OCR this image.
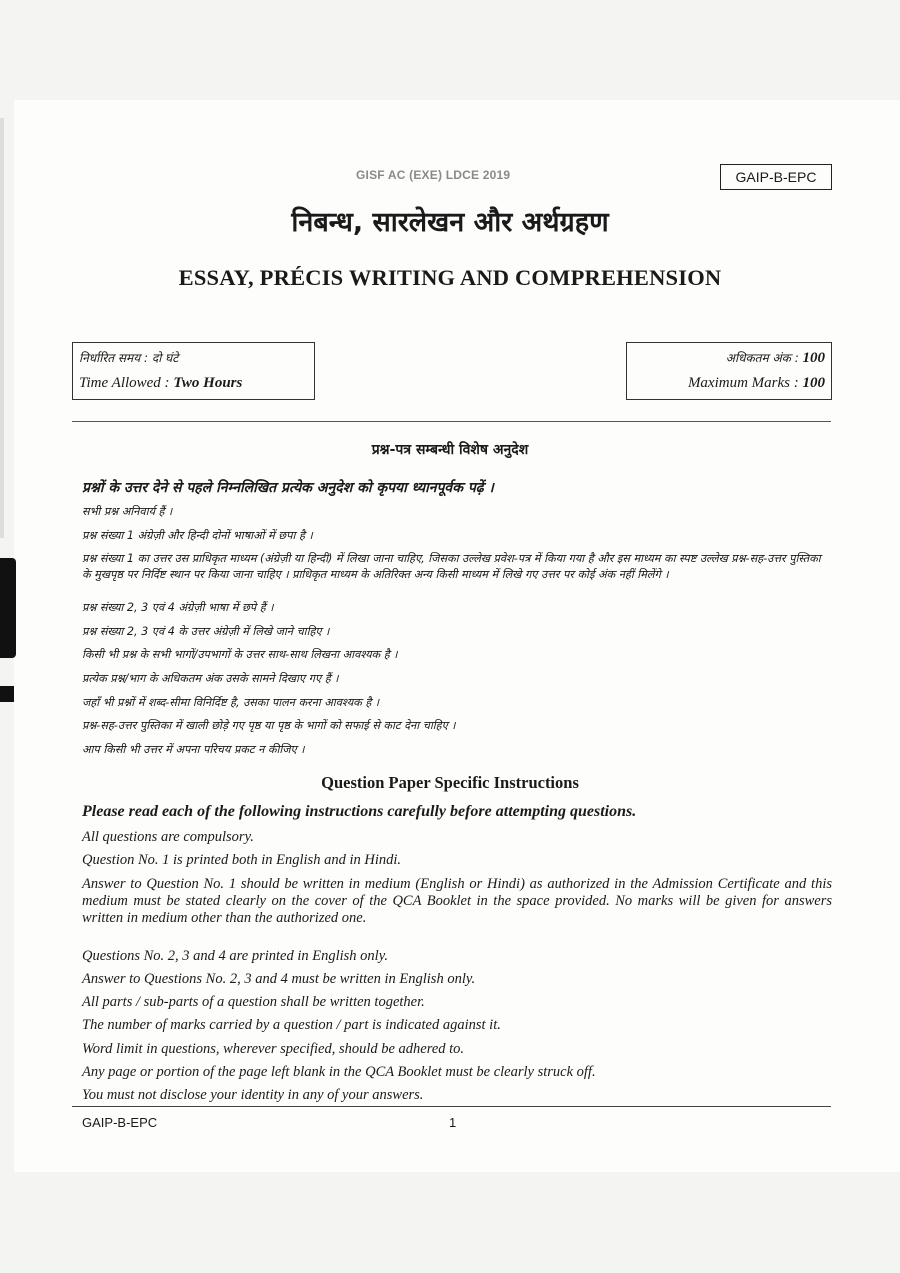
GISF AC (EXE) LDCE 2019	GAIP-B-EPC
निबन्ध, सारलेखन और अर्थग्रहण
ESSAY, PRÉCIS WRITING AND COMPREHENSION
निर्धारित समय : दो घंटे
Time Allowed : Two Hours
अधिकतम अंक : 100
Maximum Marks : 100
प्रश्न-पत्र सम्बन्धी विशेष अनुदेश
प्रश्नों के उत्तर देने से पहले निम्नलिखित प्रत्येक अनुदेश को कृपया ध्यानपूर्वक पढ़ें ।
सभी प्रश्न अनिवार्य हैं ।
प्रश्न संख्या 1 अंग्रेज़ी और हिन्दी दोनों भाषाओं में छपा है ।
प्रश्न संख्या 1 का उत्तर उस प्राधिकृत माध्यम (अंग्रेज़ी या हिन्दी) में लिखा जाना चाहिए, जिसका उल्लेख प्रवेश-पत्र में किया गया है और इस माध्यम का स्पष्ट उल्लेख प्रश्न-सह-उत्तर पुस्तिका के मुखपृष्ठ पर निर्दिष्ट स्थान पर किया जाना चाहिए । प्राधिकृत माध्यम के अतिरिक्त अन्य किसी माध्यम में लिखे गए उत्तर पर कोई अंक नहीं मिलेंगे ।
प्रश्न संख्या 2, 3 एवं 4 अंग्रेज़ी भाषा में छपे हैं ।
प्रश्न संख्या 2, 3 एवं 4 के उत्तर अंग्रेज़ी में लिखे जाने चाहिए ।
किसी भी प्रश्न के सभी भागों/उपभागों के उत्तर साथ-साथ लिखना आवश्यक है ।
प्रत्येक प्रश्न/भाग के अधिकतम अंक उसके सामने दिखाए गए हैं ।
जहाँ भी प्रश्नों में शब्द-सीमा विनिर्दिष्ट है, उसका पालन करना आवश्यक है ।
प्रश्न-सह-उत्तर पुस्तिका में खाली छोड़े गए पृष्ठ या पृष्ठ के भागों को सफाई से काट देना चाहिए ।
आप किसी भी उत्तर में अपना परिचय प्रकट न कीजिए ।
Question Paper Specific Instructions
Please read each of the following instructions carefully before attempting questions.
All questions are compulsory.
Question No. 1 is printed both in English and in Hindi.
Answer to Question No. 1 should be written in medium (English or Hindi) as authorized in the Admission Certificate and this medium must be stated clearly on the cover of the QCA Booklet in the space provided. No marks will be given for answers written in medium other than the authorized one.
Questions No. 2, 3 and 4 are printed in English only.
Answer to Questions No. 2, 3 and 4 must be written in English only.
All parts / sub-parts of a question shall be written together.
The number of marks carried by a question / part is indicated against it.
Word limit in questions, wherever specified, should be adhered to.
Any page or portion of the page left blank in the QCA Booklet must be clearly struck off.
You must not disclose your identity in any of your answers.
GAIP-B-EPC	1
